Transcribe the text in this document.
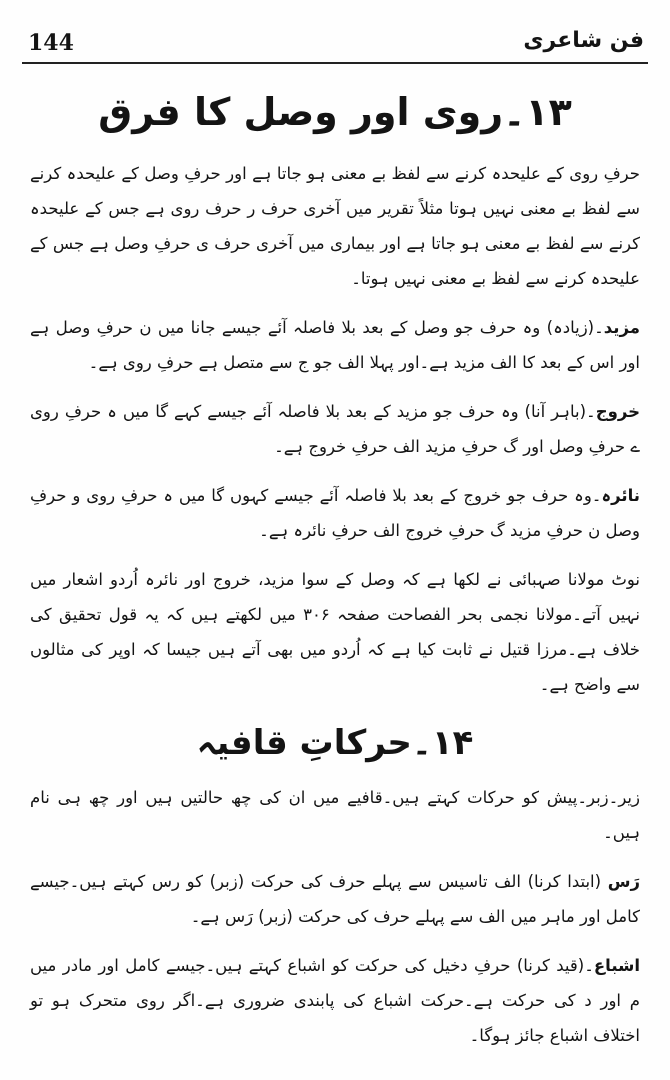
144	فن شاعری
۱۳۔روی اور وصل کا فرق

حرفِ روی کے علیحدہ کرنے سے لفظ بے معنی ہو جاتا ہے اور حرفِ وصل کے علیحدہ کرنے سے لفظ بے معنی نہیں ہوتا مثلاً تقریر میں آخری حرف ر حرف روی ہے جس کے علیحدہ کرنے سے لفظ بے معنی ہو جاتا ہے اور بیماری میں آخری حرف ی حرفِ وصل ہے جس کے علیحدہ کرنے سے لفظ بے معنی نہیں ہوتا۔

مزید۔(زیادہ) وہ حرف جو وصل کے بعد بلا فاصلہ آئے جیسے جانا میں ن حرفِ وصل ہے اور اس کے بعد کا الف مزید ہے۔اور پہلا الف جو ج سے متصل ہے حرفِ روی ہے۔

خروج۔(باہر آنا) وہ حرف جو مزید کے بعد بلا فاصلہ آئے جیسے کہے گا میں ہ حرفِ روی ے حرفِ وصل اور گ حرفِ مزید الف حرفِ خروج ہے۔

نائرہ۔وہ حرف جو خروج کے بعد بلا فاصلہ آئے جیسے کہوں گا میں ہ حرفِ روی و حرفِ وصل ن حرفِ مزید گ حرفِ خروج الف حرفِ نائرہ ہے۔

نوٹ مولانا صہبائی نے لکھا ہے کہ وصل کے سوا مزید، خروج اور نائرہ اُردو اشعار میں نہیں آتے۔مولانا نجمی بحر الفصاحت صفحہ ۳۰۶ میں لکھتے ہیں کہ یہ قول تحقیق کی خلاف ہے۔مرزا قتیل نے ثابت کیا ہے کہ اُردو میں بھی آتے ہیں جیسا کہ اوپر کی مثالوں سے واضح ہے۔

۱۴۔حرکاتِ قافیہ

زیر۔زبر۔پیش کو حرکات کہتے ہیں۔قافیے میں ان کی چھ حالتیں ہیں اور چھ ہی نام ہیں۔

رَس (ابتدا کرنا) الف تاسیس سے پہلے حرف کی حرکت (زبر) کو رس کہتے ہیں۔جیسے کامل اور ماہر میں الف سے پہلے حرف کی حرکت (زبر) رَس ہے۔

اشباع۔(قید کرنا) حرفِ دخیل کی حرکت کو اشباع کہتے ہیں۔جیسے کامل اور مادر میں م اور د کی حرکت ہے۔حرکت اشباع کی پابندی ضروری ہے۔اگر روی متحرک ہو تو اختلاف اشباع جائز ہوگا۔
